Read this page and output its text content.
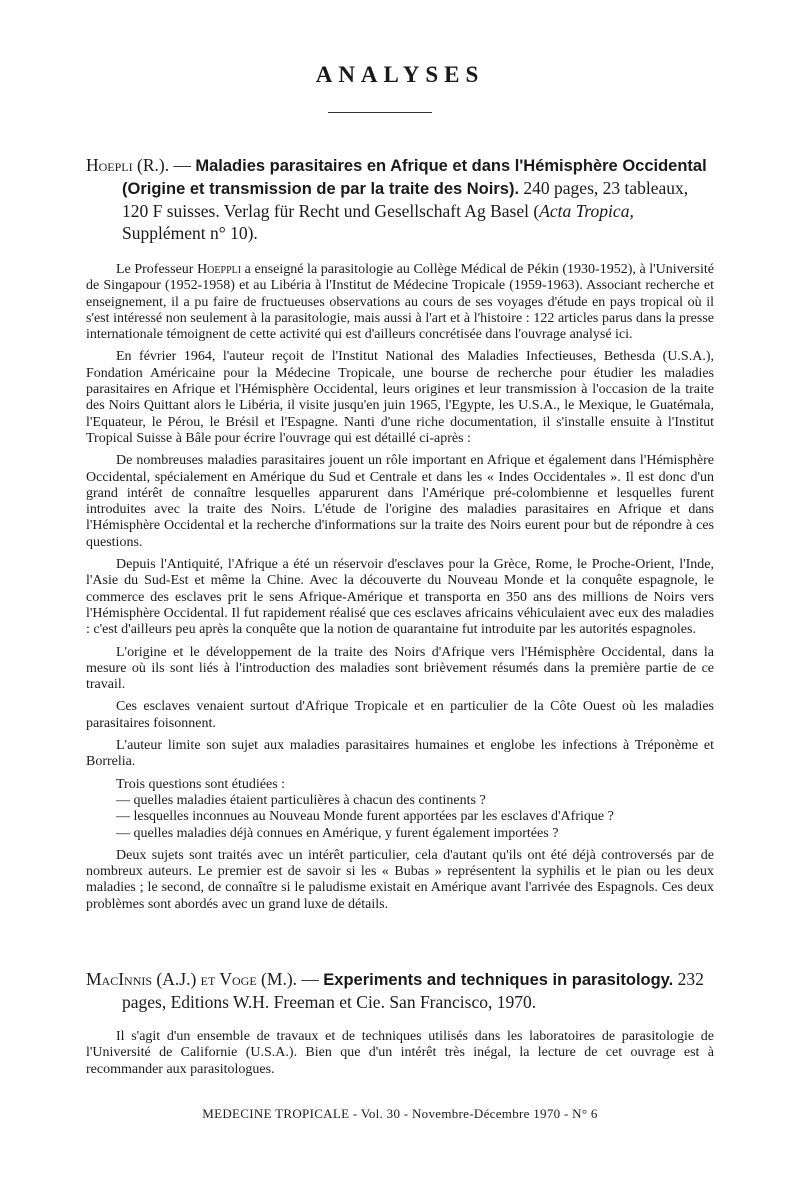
ANALYSES

Hoepli (R.). — Maladies parasitaires en Afrique et dans l'Hémisphère Occidental (Origine et transmission de par la traite des Noirs). 240 pages, 23 tableaux, 120 F suisses. Verlag für Recht und Gesellschaft Ag Basel (Acta Tropica, Supplément n° 10).

Le Professeur Hoeppli a enseigné la parasitologie au Collège Médical de Pékin (1930-1952), à l'Université de Singapour (1952-1958) et au Libéria à l'Institut de Médecine Tropicale (1959-1963). Associant recherche et enseignement, il a pu faire de fructueuses observations au cours de ses voyages d'étude en pays tropical où il s'est intéressé non seulement à la parasitologie, mais aussi à l'art et à l'histoire : 122 articles parus dans la presse internationale témoignent de cette activité qui est d'ailleurs concrétisée dans l'ouvrage analysé ici.

En février 1964, l'auteur reçoit de l'Institut National des Maladies Infectieuses, Bethesda (U.S.A.), Fondation Américaine pour la Médecine Tropicale, une bourse de recherche pour étudier les maladies parasitaires en Afrique et l'Hémisphère Occidental, leurs origines et leur transmission à l'occasion de la traite des Noirs Quittant alors le Libéria, il visite jusqu'en juin 1965, l'Egypte, les U.S.A., le Mexique, le Guatémala, l'Equateur, le Pérou, le Brésil et l'Espagne. Nanti d'une riche documentation, il s'installe ensuite à l'Institut Tropical Suisse à Bâle pour écrire l'ouvrage qui est détaillé ci-après :

De nombreuses maladies parasitaires jouent un rôle important en Afrique et également dans l'Hémisphère Occidental, spécialement en Amérique du Sud et Centrale et dans les « Indes Occidentales ». Il est donc d'un grand intérêt de connaître lesquelles apparurent dans l'Amérique pré-colombienne et lesquelles furent introduites avec la traite des Noirs. L'étude de l'origine des maladies parasitaires en Afrique et dans l'Hémisphère Occidental et la recherche d'informations sur la traite des Noirs eurent pour but de répondre à ces questions.

Depuis l'Antiquité, l'Afrique a été un réservoir d'esclaves pour la Grèce, Rome, le Proche-Orient, l'Inde, l'Asie du Sud-Est et même la Chine. Avec la découverte du Nouveau Monde et la conquête espagnole, le commerce des esclaves prit le sens Afrique-Amérique et transporta en 350 ans des millions de Noirs vers l'Hémisphère Occidental. Il fut rapidement réalisé que ces esclaves africains véhiculaient avec eux des maladies : c'est d'ailleurs peu après la conquête que la notion de quarantaine fut introduite par les autorités espagnoles.

L'origine et le développement de la traite des Noirs d'Afrique vers l'Hémisphère Occidental, dans la mesure où ils sont liés à l'introduction des maladies sont brièvement résumés dans la première partie de ce travail.

Ces esclaves venaient surtout d'Afrique Tropicale et en particulier de la Côte Ouest où les maladies parasitaires foisonnent.

L'auteur limite son sujet aux maladies parasitaires humaines et englobe les infections à Tréponème et Borrelia.

Trois questions sont étudiées :
— quelles maladies étaient particulières à chacun des continents ?
— lesquelles inconnues au Nouveau Monde furent apportées par les esclaves d'Afrique ?
— quelles maladies déjà connues en Amérique, y furent également importées ?

Deux sujets sont traités avec un intérêt particulier, cela d'autant qu'ils ont été déjà controversés par de nombreux auteurs. Le premier est de savoir si les « Bubas » représentent la syphilis et le pian ou les deux maladies ; le second, de connaître si le paludisme existait en Amérique avant l'arrivée des Espagnols. Ces deux problèmes sont abordés avec un grand luxe de détails.

MacInnis (A.J.) et Voge (M.). — Experiments and techniques in parasitology. 232 pages, Editions W.H. Freeman et Cie. San Francisco, 1970.

Il s'agit d'un ensemble de travaux et de techniques utilisés dans les laboratoires de parasitologie de l'Université de Californie (U.S.A.). Bien que d'un intérêt très inégal, la lecture de cet ouvrage est à recommander aux parasitologues.

MEDECINE TROPICALE - Vol. 30 - Novembre-Décembre 1970 - N° 6
